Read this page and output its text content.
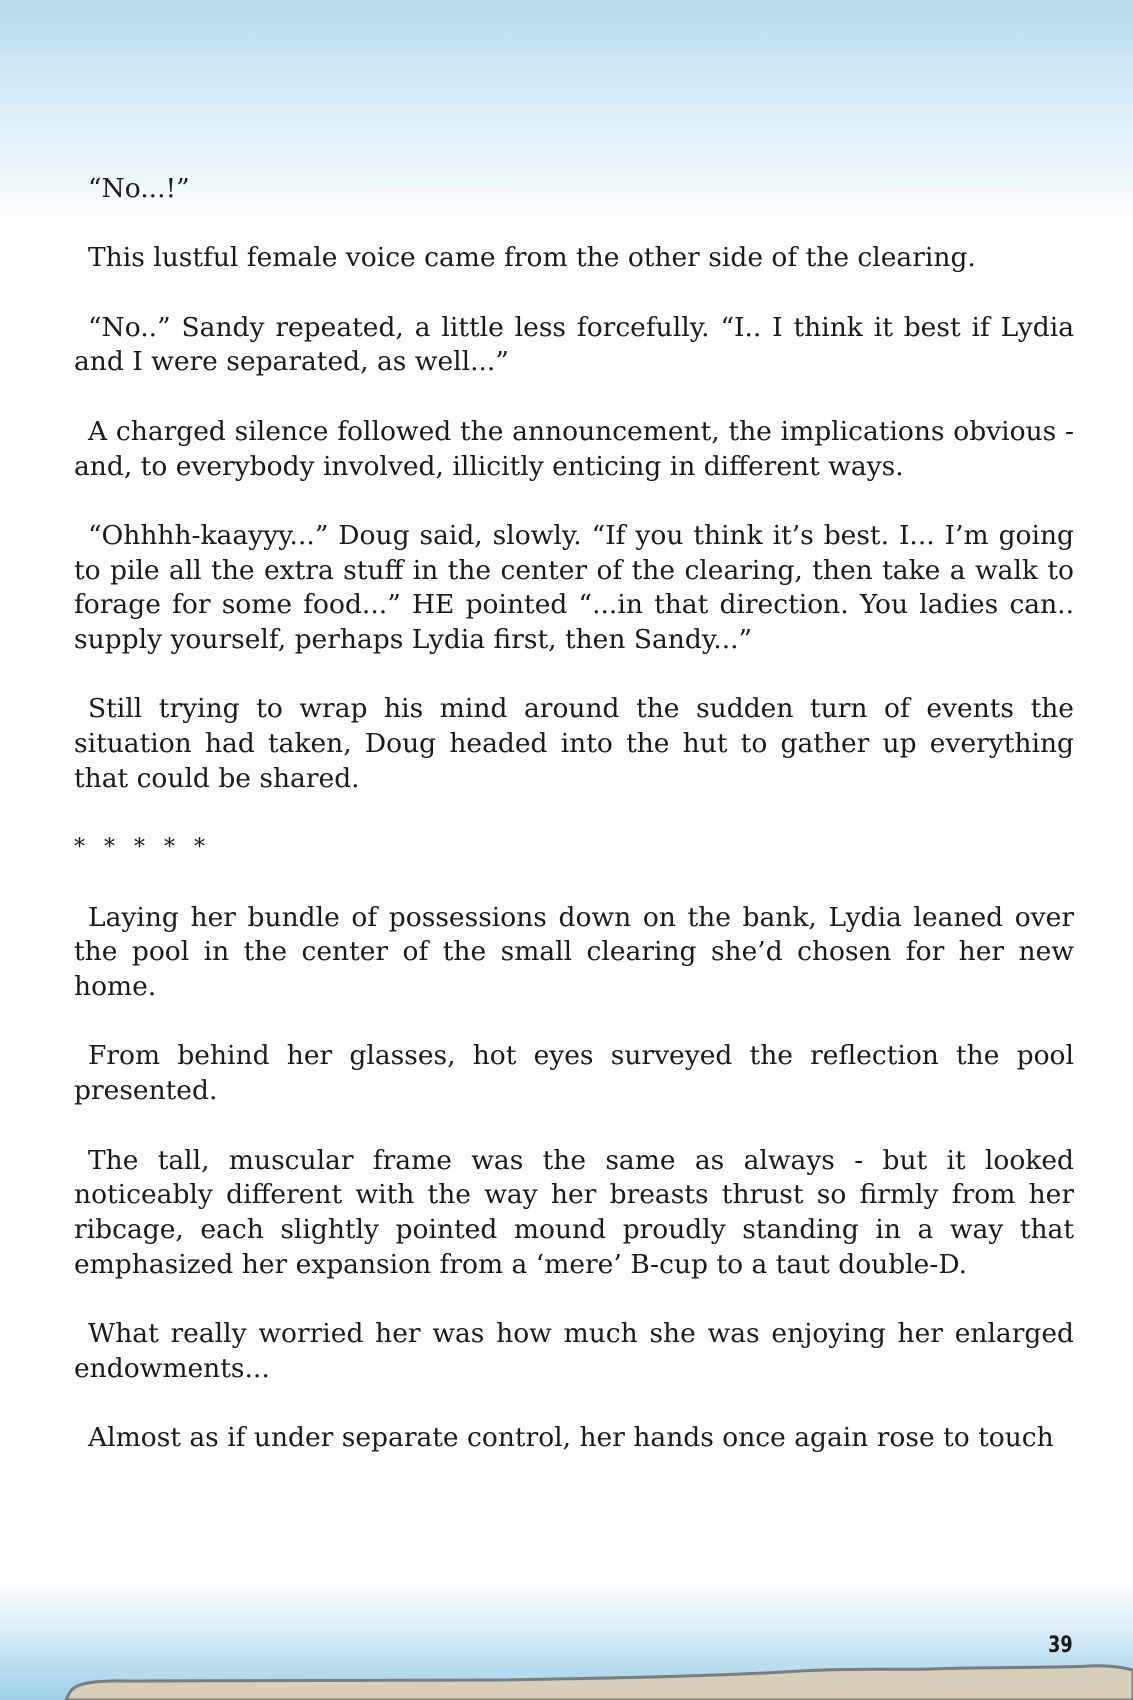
“No...!”

This lustful female voice came from the other side of the clearing.

“No..” Sandy repeated, a little less forcefully. “I.. I think it best if Lydia and I were separated, as well...”

A charged silence followed the announcement, the implications obvious - and, to everybody involved, illicitly enticing in different ways.

“Ohhhh-kaayyy...” Doug said, slowly. “If you think it’s best. I... I’m going to pile all the extra stuff in the center of the clearing, then take a walk to forage for some food...” HE pointed “...in that direction. You ladies can.. supply yourself, perhaps Lydia first, then Sandy...”

Still trying to wrap his mind around the sudden turn of events the situation had taken, Doug headed into the hut to gather up everything that could be shared.

* * * * *

Laying her bundle of possessions down on the bank, Lydia leaned over the pool in the center of the small clearing she’d chosen for her new home.

From behind her glasses, hot eyes surveyed the reflection the pool presented.

The tall, muscular frame was the same as always - but it looked noticeably different with the way her breasts thrust so firmly from her ribcage, each slightly pointed mound proudly standing in a way that emphasized her expansion from a ‘mere’ B-cup to a taut double-D.

What really worried her was how much she was enjoying her enlarged endowments...

Almost as if under separate control, her hands once again rose to touch

39
